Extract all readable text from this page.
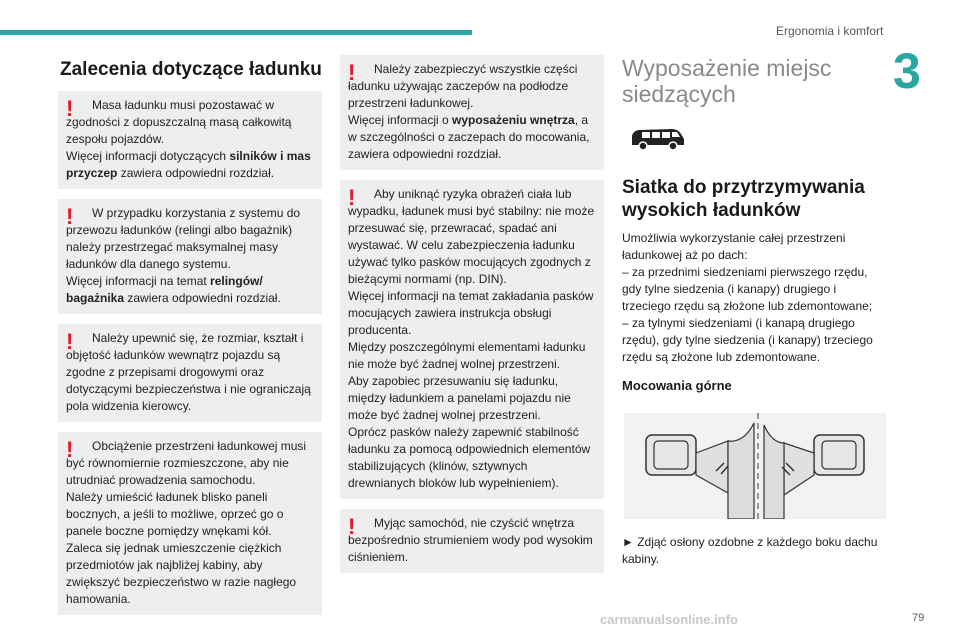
Ergonomia i komfort
3
Zalecenia dotyczące ładunku
!

Masa ładunku musi pozostawać w zgodności z dopuszczalną masą całkowitą zespołu pojazdów.

Więcej informacji dotyczących silników i mas przyczep zawiera odpowiedni rozdział.

!

W przypadku korzystania z systemu do przewozu ładunków (relingi albo bagażnik) należy przestrzegać maksymalnej masy ładunków dla danego systemu.

Więcej informacji na temat relingów/ bagażnika zawiera odpowiedni rozdział.

!

Należy upewnić się, że rozmiar, kształt i objętość ładunków wewnątrz pojazdu są zgodne z przepisami drogowymi oraz dotyczącymi bezpieczeństwa i nie ograniczają pola widzenia kierowcy.

!

Obciążenie przestrzeni ładunkowej musi być równomiernie rozmieszczone, aby nie utrudniać prowadzenia samochodu.

Należy umieścić ładunek blisko paneli bocznych, a jeśli to możliwe, oprzeć go o panele boczne pomiędzy wnękami kół.

Zaleca się jednak umieszczenie ciężkich przedmiotów jak najbliżej kabiny, aby zwiększyć bezpieczeństwo w razie nagłego hamowania.

!

Należy zabezpieczyć wszystkie części ładunku używając zaczepów na podłodze przestrzeni ładunkowej.

Więcej informacji o wyposażeniu wnętrza, a w szczególności o zaczepach do mocowania, zawiera odpowiedni rozdział.

!

Aby uniknąć ryzyka obrażeń ciała lub wypadku, ładunek musi być stabilny: nie może przesuwać się, przewracać, spadać ani wystawać. W celu zabezpieczenia ładunku używać tylko pasków mocujących zgodnych z bieżącymi normami (np. DIN).

Więcej informacji na temat zakładania pasków mocujących zawiera instrukcja obsługi producenta.

Między poszczególnymi elementami ładunku nie może być żadnej wolnej przestrzeni.

Aby zapobiec przesuwaniu się ładunku, między ładunkiem a panelami pojazdu nie może być żadnej wolnej przestrzeni.

Oprócz pasków należy zapewnić stabilność ładunku za pomocą odpowiednich elementów stabilizujących (klinów, sztywnych drewnianych bloków lub wypełnieniem).

!

Myjąc samochód, nie czyścić wnętrza bezpośrednio strumieniem wody pod wysokim ciśnieniem.

Wyposażenie miejsc siedzących
Siatka do przytrzymywania wysokich ładunków

Umożliwia wykorzystanie całej przestrzeni ładunkowej aż po dach:

– za przednimi siedzeniami pierwszego rzędu, gdy tylne siedzenia (i kanapy) drugiego i trzeciego rzędu są złożone lub zdemontowane;

– za tylnymi siedzeniami (i kanapą drugiego rzędu), gdy tylne siedzenia (i kanapy) trzeciego rzędu są złożone lub zdemontowane.

Mocowania górne

► Zdjąć osłony ozdobne z każdego boku dachu kabiny.

carmanualsonline.info	79
